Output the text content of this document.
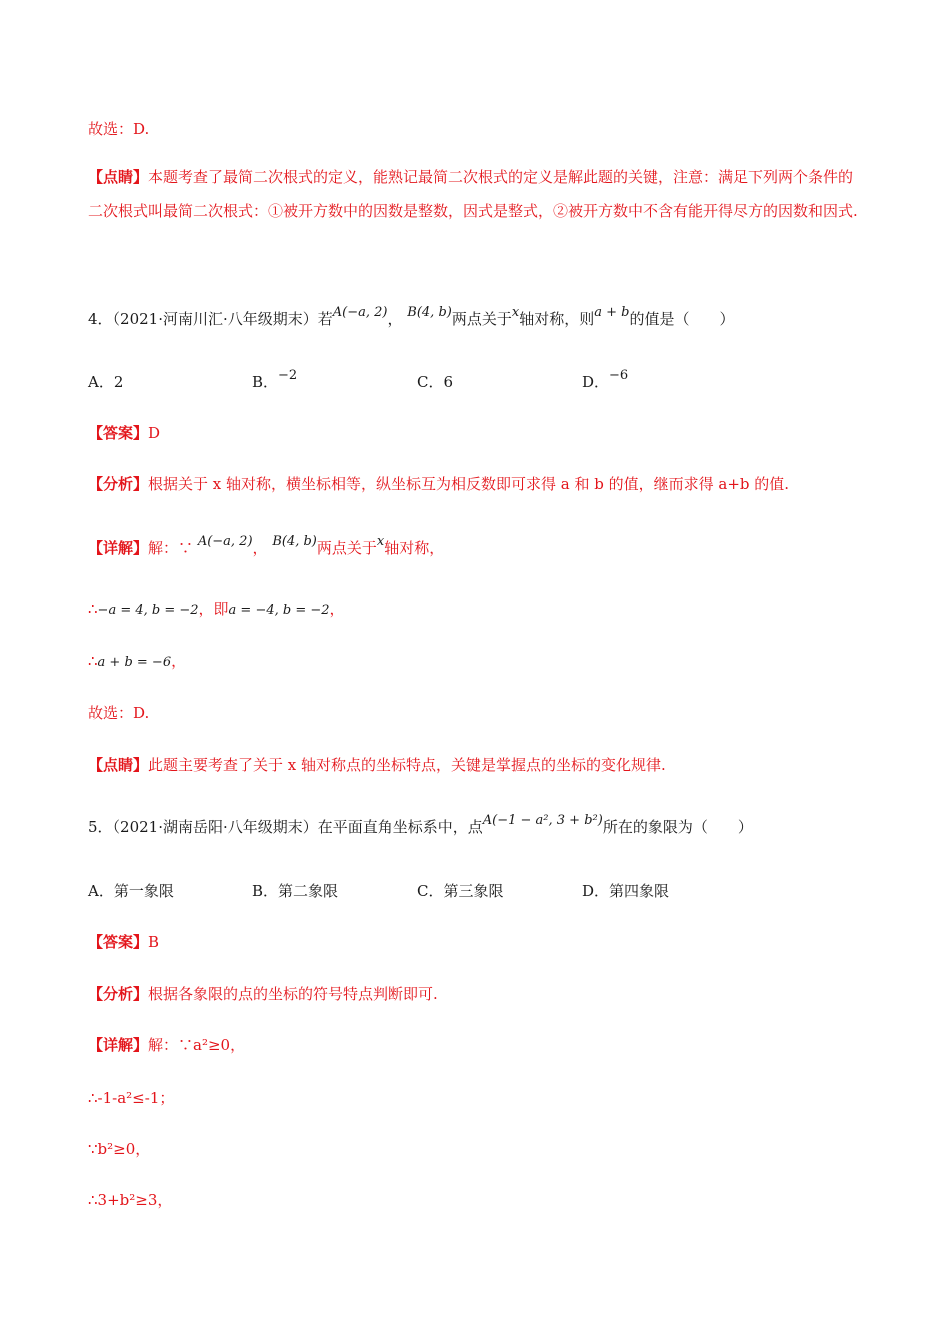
故选：D.
【点睛】本题考查了最简二次根式的定义，能熟记最简二次根式的定义是解此题的关键，注意：满足下列两个条件的二次根式叫最简二次根式：①被开方数中的因数是整数，因式是整式，②被开方数中不含有能开得尽方的因数和因式.
4．（2021·河南川汇·八年级期末）若A(−a, 2)， B(4, b)两点关于x轴对称，则a + b的值是（　　）
A．2	B．−2	C．6	D．−6
【答案】D
【分析】根据关于 x 轴对称，横坐标相等，纵坐标互为相反数即可求得 a 和 b 的值，继而求得 a+b 的值.
【详解】解：∵ A(−a, 2)， B(4, b)两点关于x轴对称，
∴−a = 4, b = −2，即a = −4, b = −2，
∴a + b = −6，
故选：D.
【点睛】此题主要考查了关于 x 轴对称点的坐标特点，关键是掌握点的坐标的变化规律.
5．（2021·湖南岳阳·八年级期末）在平面直角坐标系中，点A(−1 − a², 3 + b²)所在的象限为（　　）
A．第一象限	B．第二象限	C．第三象限	D．第四象限
【答案】B
【分析】根据各象限的点的坐标的符号特点判断即可.
【详解】解：∵a²≥0，
∴-1-a²≤-1；
∵b²≥0，
∴3+b²≥3，
